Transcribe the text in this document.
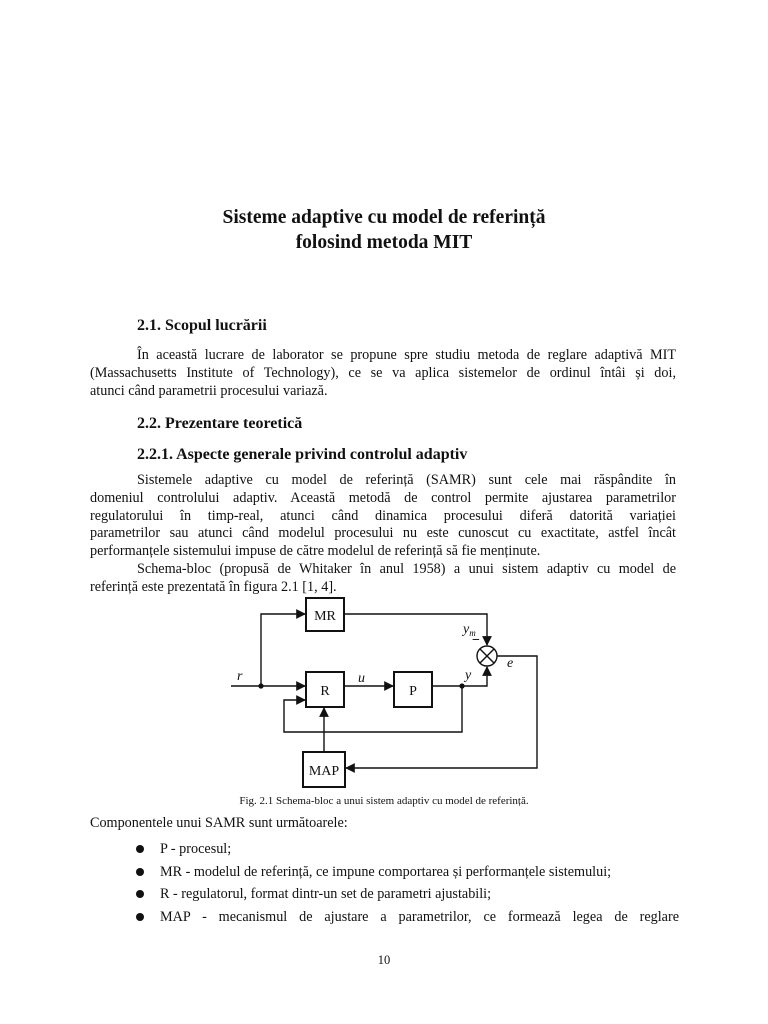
Sisteme adaptive cu model de referință
folosind metoda MIT
2.1. Scopul lucrării
În această lucrare de laborator se propune spre studiu metoda de reglare adaptivă MIT
(Massachusetts Institute of Technology), ce se va aplica sistemelor de ordinul întâi și doi,
atunci când parametrii procesului variază.
2.2. Prezentare teoretică
2.2.1. Aspecte generale privind controlul adaptiv
Sistemele adaptive cu model de referință (SAMR) sunt cele mai răspândite în
domeniul controlului adaptiv. Această metodă de control permite ajustarea parametrilor
regulatorului în timp-real, atunci când dinamica procesului diferă datorită variației
parametrilor sau atunci când modelul procesului nu este cunoscut cu exactitate, astfel încât
performanțele sistemului impuse de către modelul de referință să fie menținute.
Schema-bloc (propusă de Whitaker în anul 1958) a unui sistem adaptiv cu model de
referință este prezentată în figura 2.1 [1, 4].
MR
R	P
MAP
r	u	y
$y_m$
−
e
Fig. 2.1 Schema-bloc a unui sistem adaptiv cu model de referință.
Componentele unui SAMR sunt următoarele:
P - procesul;
MR - modelul de referință, ce impune comportarea și performanțele sistemului;
R - regulatorul, format dintr-un set de parametri ajustabili;
MAP - mecanismul de ajustare a parametrilor, ce formează legea de reglare
10
